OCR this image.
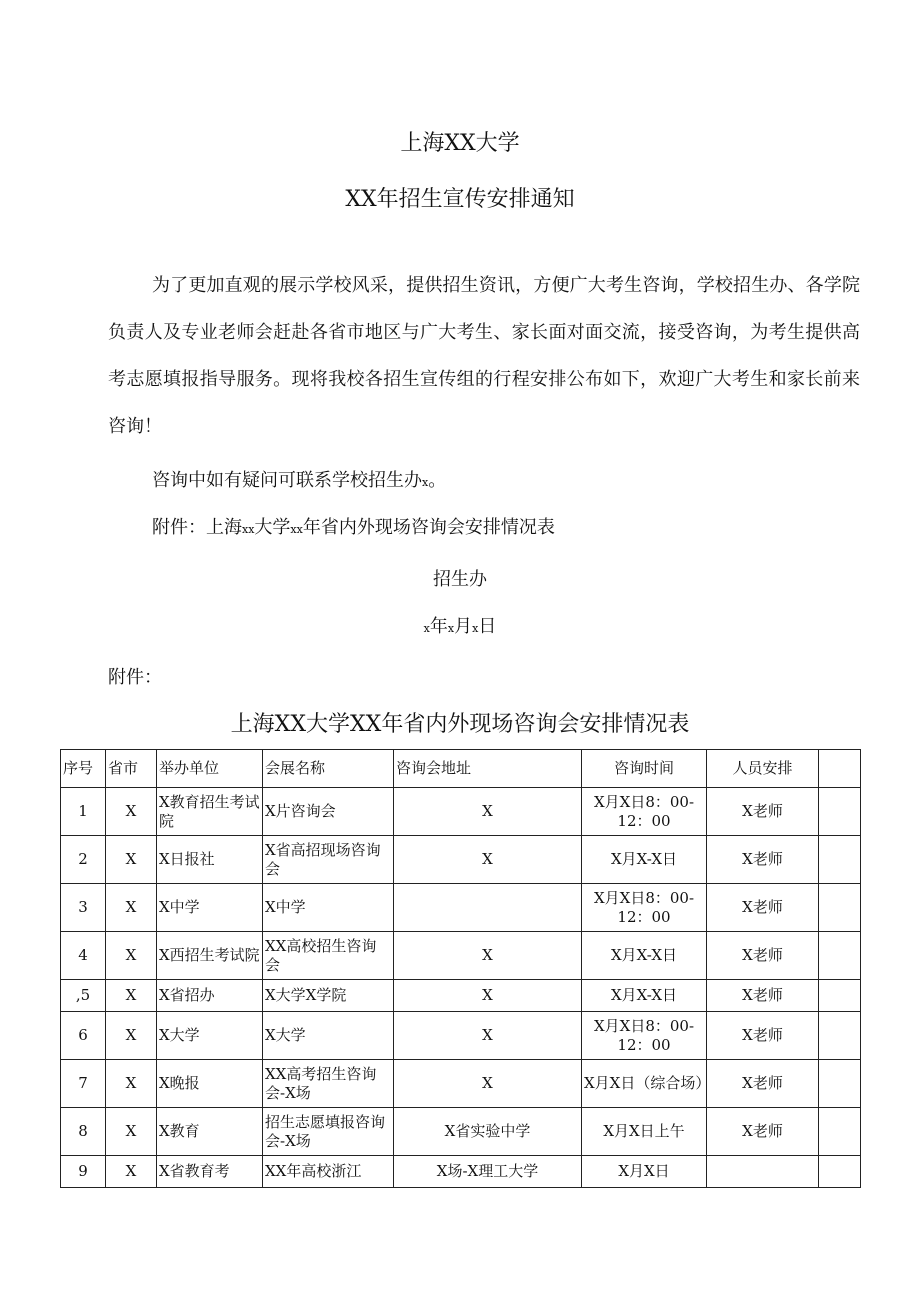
上海XX大学
XX年招生宣传安排通知
为了更加直观的展示学校风采，提供招生资讯，方便广大考生咨询，学校招生办、各学院负责人及专业老师会赶赴各省市地区与广大考生、家长面对面交流，接受咨询，为考生提供高考志愿填报指导服务。现将我校各招生宣传组的行程安排公布如下，欢迎广大考生和家长前来咨询！
咨询中如有疑问可联系学校招生办x。
附件：上海xx大学xx年省内外现场咨询会安排情况表
招生办
x年x月x日
附件：
上海XX大学XX年省内外现场咨询会安排情况表
序号	省市	举办单位	会展名称	咨询会地址	咨询时间	人员安排	
1	X	X教育招生考试院	X片咨询会	X	X月X日8：00-12：00	X老师	
2	X	X日报社	X省高招现场咨询会	X	X月X-X日	X老师	
3	X	X中学	X中学		X月X日8：00-12：00	X老师	
4	X	X西招生考试院	XX高校招生咨询会	X	X月X-X日	X老师	
,5	X	X省招办	X大学X学院	X	X月X-X日	X老师	
6	X	X大学	X大学	X	X月X日8：00-12：00	X老师	
7	X	X晚报	XX高考招生咨询会-X场	X	X月X日（综合场）	X老师	
8	X	X教育	招生志愿填报咨询会-X场	X省实验中学	X月X日上午	X老师	
9	X	X省教育考	XX年高校浙江	X场-X理工大学	X月X日		
